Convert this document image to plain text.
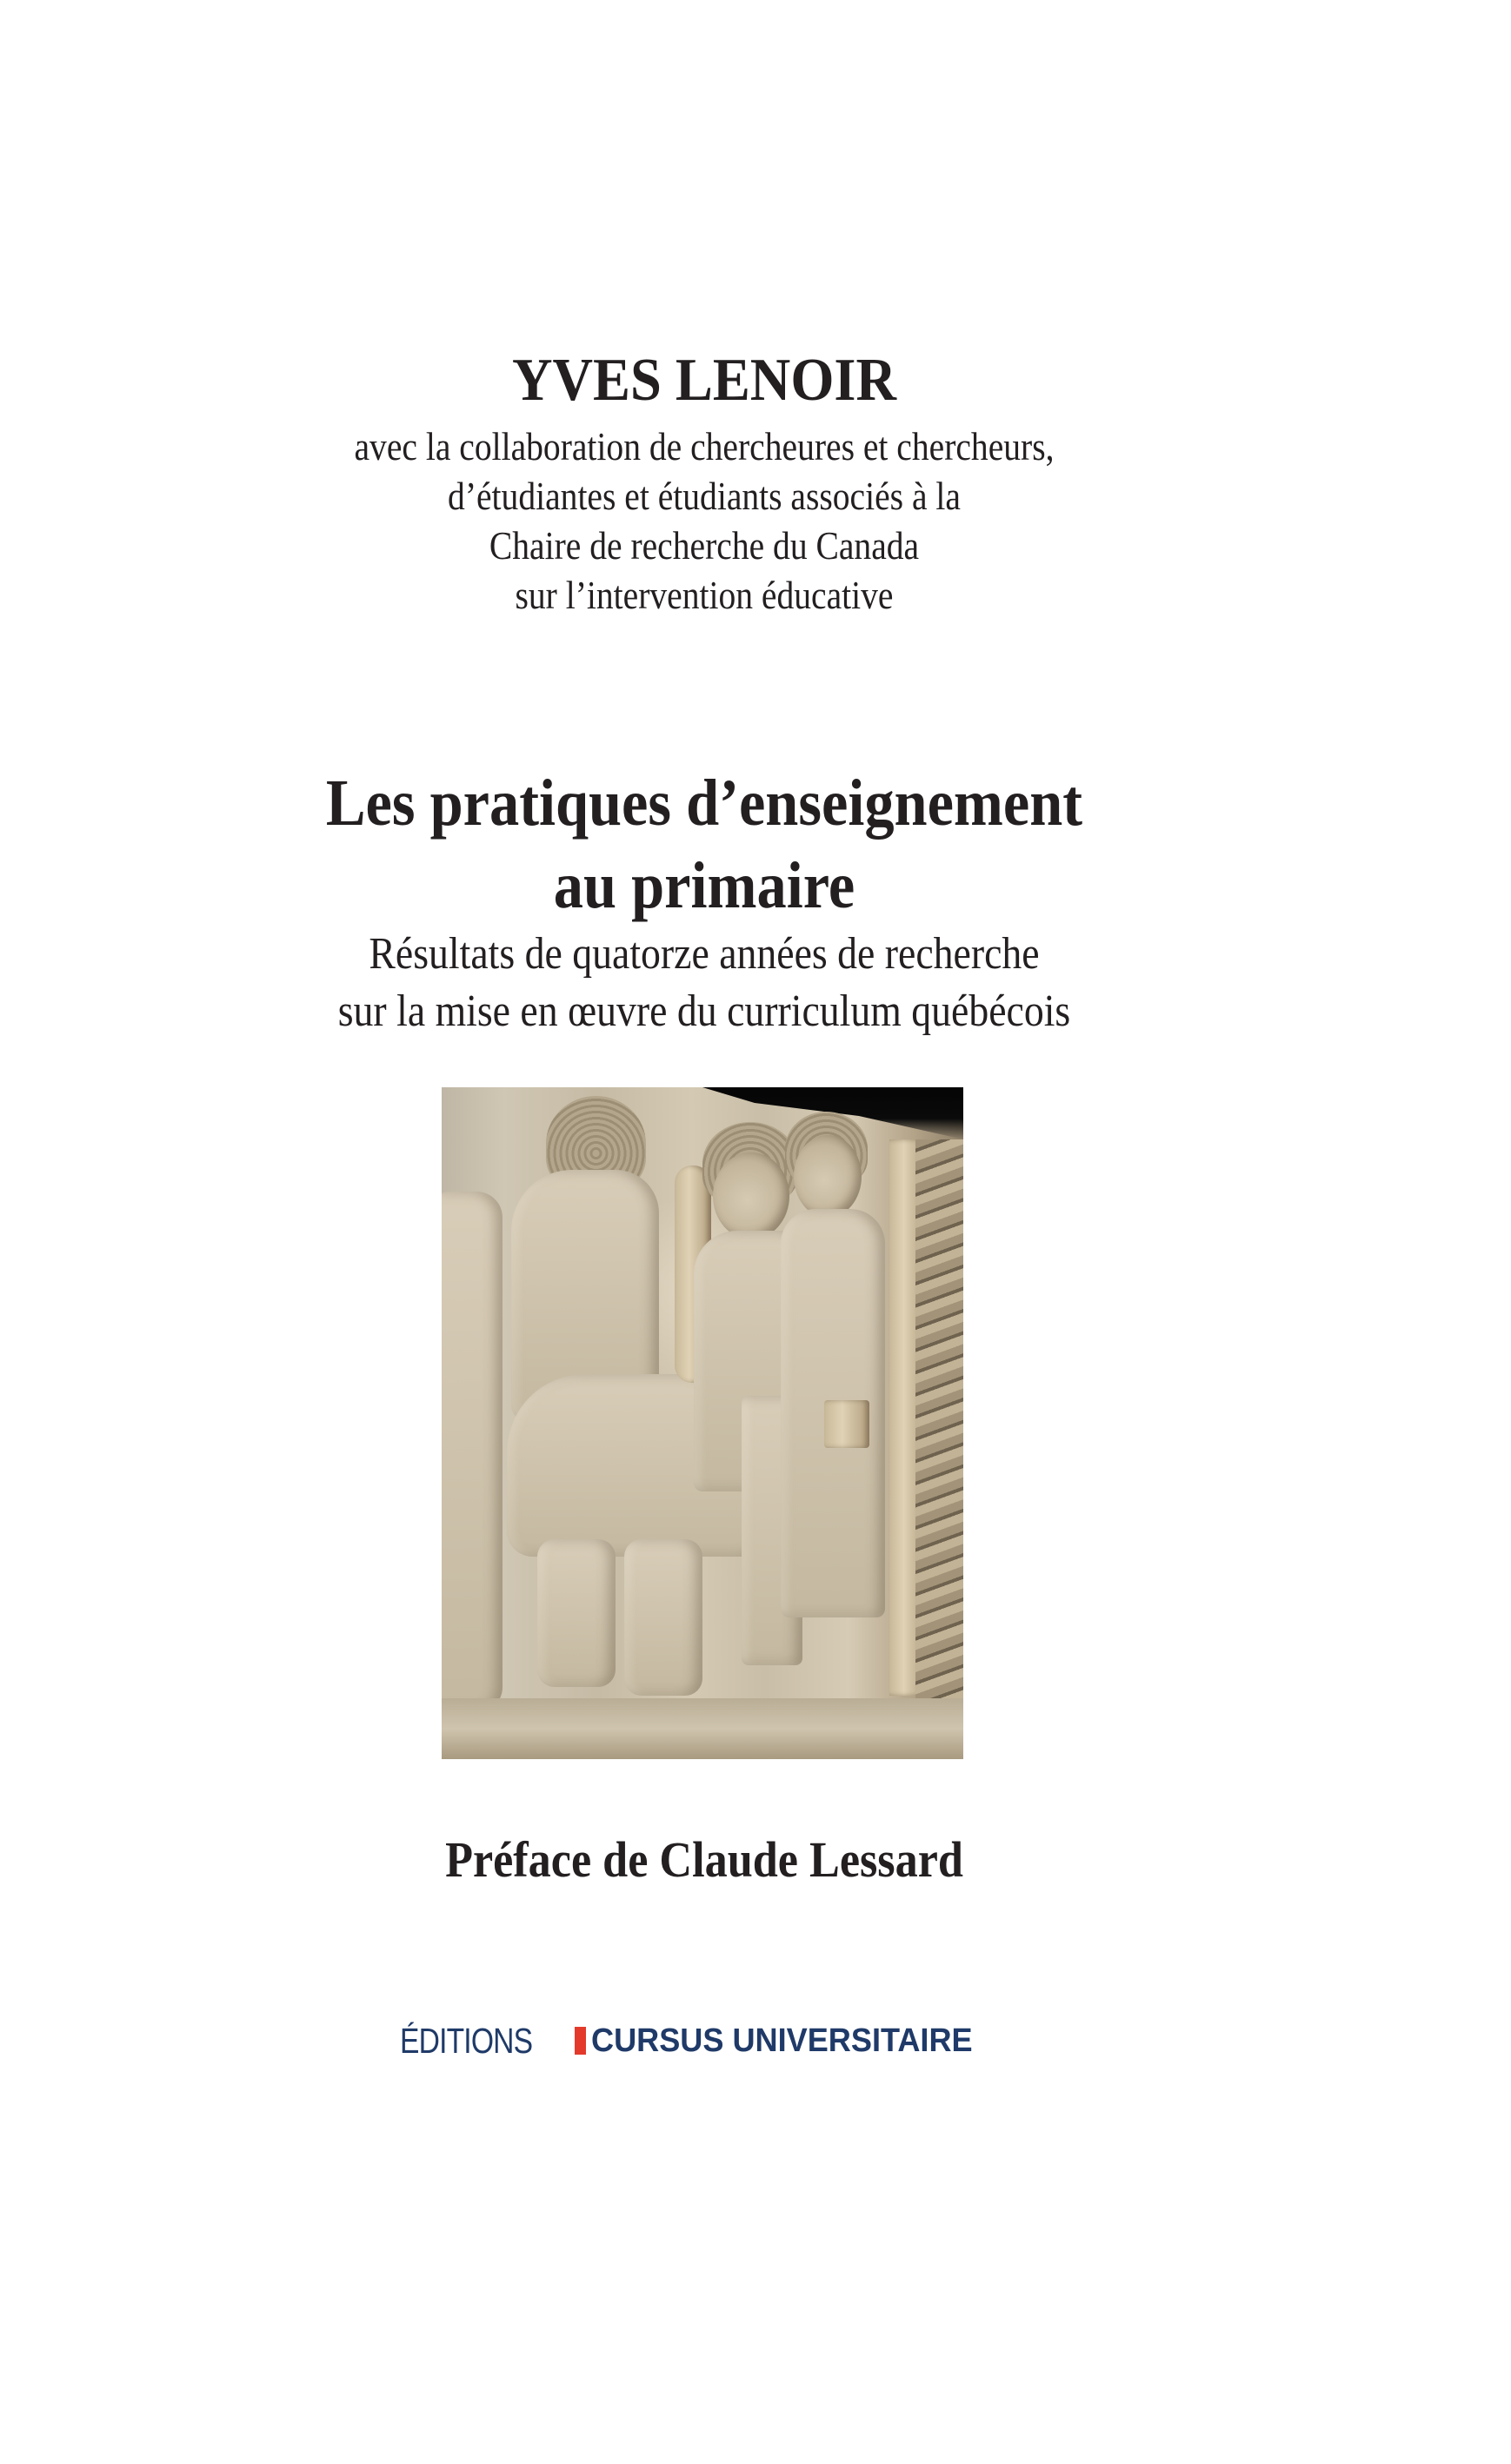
YVES LENOIR
avec la collaboration de chercheures et chercheurs,
d’étudiantes et étudiants associés à la
Chaire de recherche du Canada
sur l’intervention éducative
Les pratiques d’enseignement
au primaire
Résultats de quatorze années de recherche
sur la mise en œuvre du curriculum québécois
Préface de Claude Lessard
ÉDITIONS CURSUS UNIVERSITAIRE
